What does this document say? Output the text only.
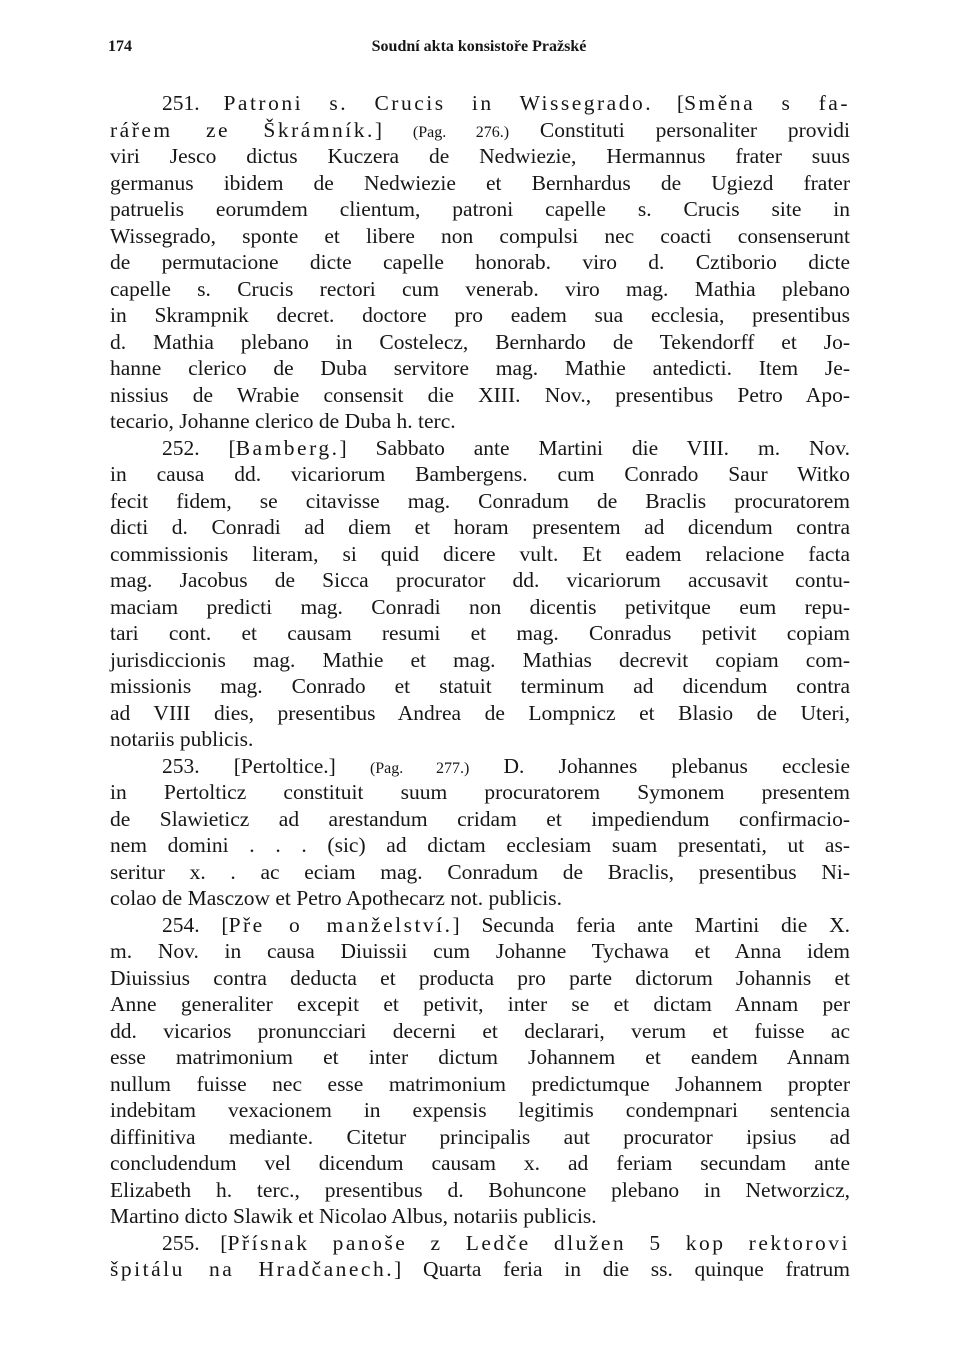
174	Soudní akta konsistoře Pražské
251. Patroni s. Crucis in Wissegrado. [Směna s fa-
rářem ze Škrámník.] (Pag. 276.) Constituti personaliter providi
viri Jesco dictus Kuczera de Nedwiezie, Hermannus frater suus
germanus ibidem de Nedwiezie et Bernhardus de Ugiezd frater
patruelis eorumdem clientum, patroni capelle s. Crucis site in
Wissegrado, sponte et libere non compulsi nec coacti consenserunt
de permutacione dicte capelle honorab. viro d. Cztiborio dicte
capelle s. Crucis rectori cum venerab. viro mag. Mathia plebano
in Skrampnik decret. doctore pro eadem sua ecclesia, presentibus
d. Mathia plebano in Costelecz, Bernhardo de Tekendorff et Jo-
hanne clerico de Duba servitore mag. Mathie antedicti. Item Je-
nissius de Wrabie consensit die XIII. Nov., presentibus Petro Apo-
tecario, Johanne clerico de Duba h. terc.
252. [Bamberg.] Sabbato ante Martini die VIII. m. Nov.
in causa dd. vicariorum Bambergens. cum Conrado Saur Witko
fecit fidem, se citavisse mag. Conradum de Braclis procuratorem
dicti d. Conradi ad diem et horam presentem ad dicendum contra
commissionis literam, si quid dicere vult. Et eadem relacione facta
mag. Jacobus de Sicca procurator dd. vicariorum accusavit contu-
maciam predicti mag. Conradi non dicentis petivitque eum repu-
tari cont. et causam resumi et mag. Conradus petivit copiam
jurisdiccionis mag. Mathie et mag. Mathias decrevit copiam com-
missionis mag. Conrado et statuit terminum ad dicendum contra
ad VIII dies, presentibus Andrea de Lompnicz et Blasio de Uteri,
notariis publicis.
253. [Pertoltice.] (Pag. 277.) D. Johannes plebanus ecclesie
in Pertolticz constituit suum procuratorem Symonem presentem
de Slawieticz ad arestandum cridam et impediendum confirmacio-
nem domini . . . (sic) ad dictam ecclesiam suam presentati, ut as-
seritur x. . ac eciam mag. Conradum de Braclis, presentibus Ni-
colao de Masczow et Petro Apothecarz not. publicis.
254. [Pře o manželství.] Secunda feria ante Martini die X.
m. Nov. in causa Diuissii cum Johanne Tychawa et Anna idem
Diuissius contra deducta et producta pro parte dictorum Johannis et
Anne generaliter excepit et petivit, inter se et dictam Annam per
dd. vicarios pronuncciari decerni et declarari, verum et fuisse ac
esse matrimonium et inter dictum Johannem et eandem Annam
nullum fuisse nec esse matrimonium predictumque Johannem propter
indebitam vexacionem in expensis legitimis condempnari sentencia
diffinitiva mediante. Citetur principalis aut procurator ipsius ad
concludendum vel dicendum causam x. ad feriam secundam ante
Elizabeth h. terc., presentibus d. Bohuncone plebano in Networzicz,
Martino dicto Slawik et Nicolao Albus, notariis publicis.
255. [Přísnak panoše z Ledče dlužen 5 kop rektorovi
špitálu na Hradčanech.] Quarta feria in die ss. quinque fratrum
